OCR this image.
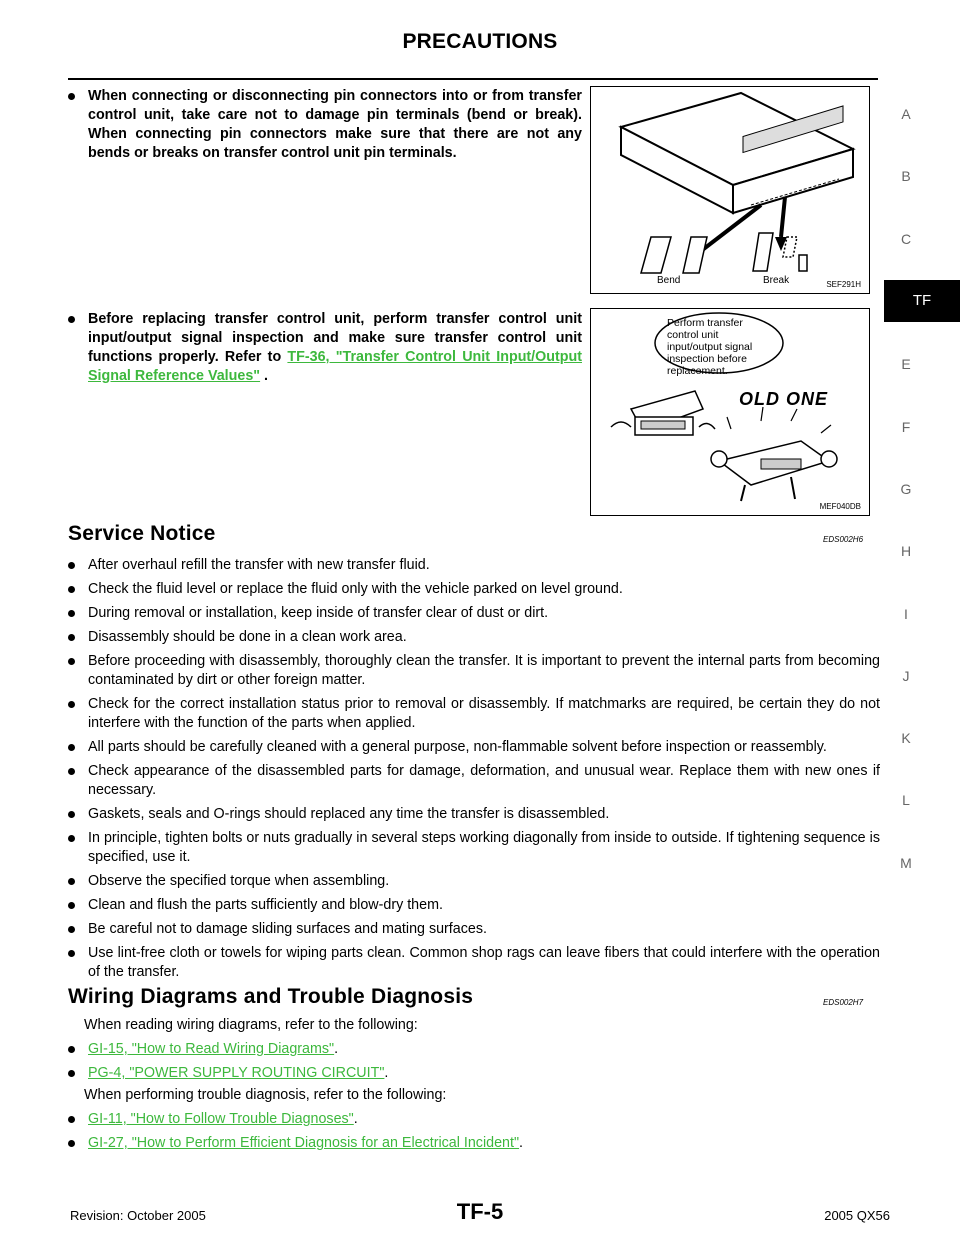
PRECAUTIONS
A
B
C
TF
E
F
G
H
I
J
K
L
M
When connecting or disconnecting pin connectors into or from transfer control unit, take care not to damage pin terminals (bend or break). When connecting pin connectors make sure that there are not any bends or breaks on transfer control unit pin terminals.
Bend	Break	SEF291H
Before replacing transfer control unit, perform transfer control unit input/output signal inspection and make sure transfer control unit functions properly. Refer to TF-36, "Transfer Control Unit Input/Output Signal Reference Values" .
Perform transfer
control unit
input/output signal
inspection before
replacement.
OLD ONE
MEF040DB
Service Notice	EDS002H6
After overhaul refill the transfer with new transfer fluid.
Check the fluid level or replace the fluid only with the vehicle parked on level ground.
During removal or installation, keep inside of transfer clear of dust or dirt.
Disassembly should be done in a clean work area.
Before proceeding with disassembly, thoroughly clean the transfer. It is important to prevent the internal parts from becoming contaminated by dirt or other foreign matter.
Check for the correct installation status prior to removal or disassembly. If matchmarks are required, be certain they do not interfere with the function of the parts when applied.
All parts should be carefully cleaned with a general purpose, non-flammable solvent before inspection or reassembly.
Check appearance of the disassembled parts for damage, deformation, and unusual wear. Replace them with new ones if necessary.
Gaskets, seals and O-rings should replaced any time the transfer is disassembled.
In principle, tighten bolts or nuts gradually in several steps working diagonally from inside to outside. If tightening sequence is specified, use it.
Observe the specified torque when assembling.
Clean and flush the parts sufficiently and blow-dry them.
Be careful not to damage sliding surfaces and mating surfaces.
Use lint-free cloth or towels for wiping parts clean. Common shop rags can leave fibers that could interfere with the operation of the transfer.
Wiring Diagrams and Trouble Diagnosis	EDS002H7
When reading wiring diagrams, refer to the following:
GI-15, "How to Read Wiring Diagrams".
PG-4, "POWER SUPPLY ROUTING CIRCUIT".
When performing trouble diagnosis, refer to the following:
GI-11, "How to Follow Trouble Diagnoses".
GI-27, "How to Perform Efficient Diagnosis for an Electrical Incident".
Revision: October 2005	TF-5	2005 QX56
